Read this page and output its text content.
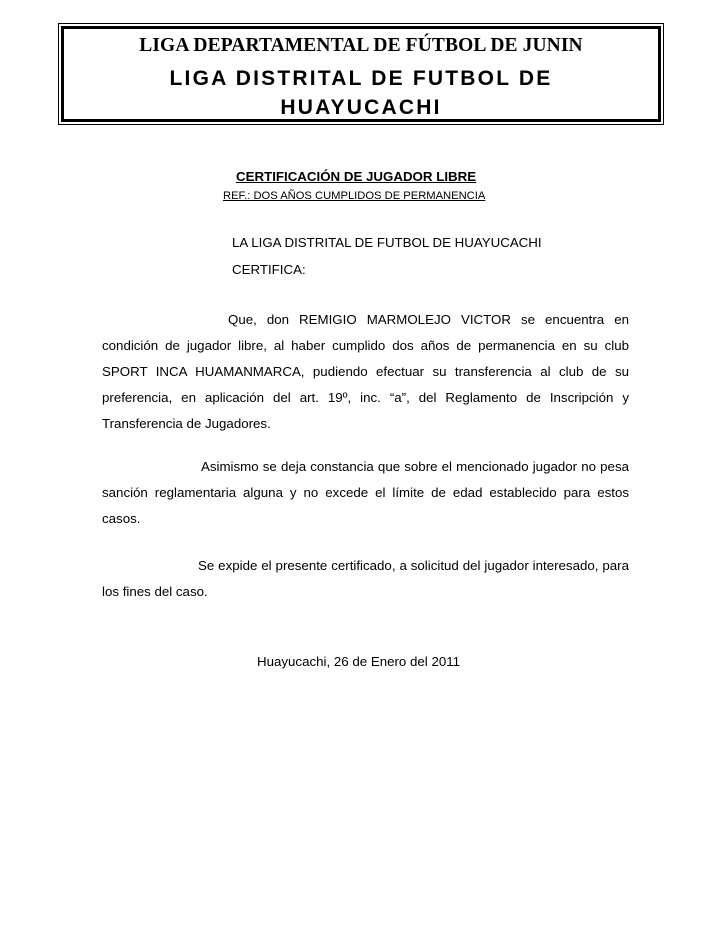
LIGA DEPARTAMENTAL DE FÚTBOL DE JUNIN
LIGA DISTRITAL DE FUTBOL DE
HUAYUCACHI
CERTIFICACIÓN DE JUGADOR LIBRE
REF.: DOS AÑOS CUMPLIDOS DE PERMANENCIA
LA LIGA DISTRITAL DE FUTBOL DE HUAYUCACHI
CERTIFICA:
Que, don REMIGIO MARMOLEJO VICTOR se encuentra en condición de jugador libre, al haber cumplido dos años de permanencia en su club SPORT INCA HUAMANMARCA, pudiendo efectuar su transferencia al club de su preferencia, en aplicación del art. 19º, inc. “a”, del Reglamento de Inscripción y Transferencia de Jugadores.
Asimismo se deja constancia que sobre el mencionado jugador no pesa sanción reglamentaria alguna y no excede el límite de edad establecido para estos casos.
Se expide el presente certificado, a solicitud del jugador interesado, para los fines del caso.
Huayucachi, 26 de Enero del 2011
